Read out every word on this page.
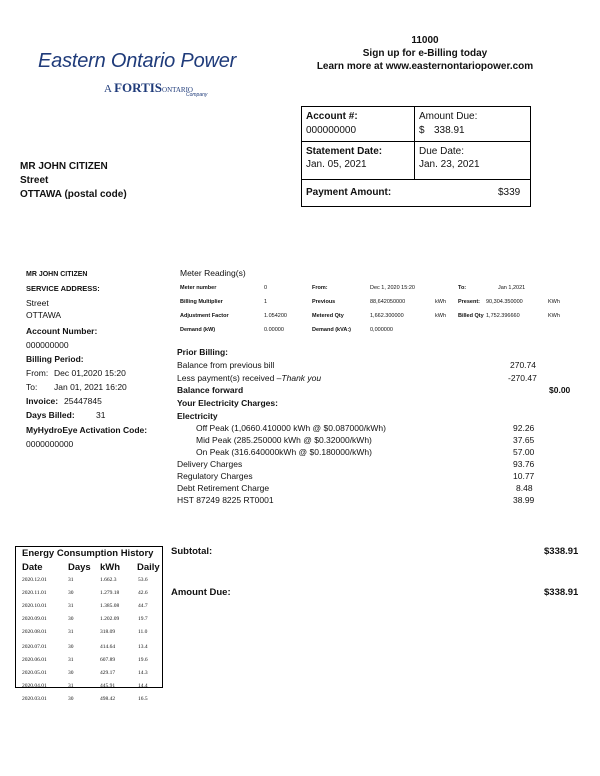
Eastern Ontario Power
A FORTISONTARIO
Company
11000
Sign up for e-Billing today
Learn more at www.easternontariopower.com
Account #:
000000000
Amount Due:
$ 338.91
Statement Date:
Jan. 05, 2021
Due Date:
Jan. 23, 2021
Payment Amount:	$339
MR JOHN CITIZEN
Street
OTTAWA (postal code)
MR JOHN CITIZEN
SERVICE ADDRESS:
Street
OTTAWA
Account Number:
000000000
Billing Period:
From: Dec 01,2020 15:20
To: Jan 01, 2021 16:20
Invoice: 25447845
Days Billed:	31
MyHydroEye Activation Code:
0000000000
Meter Reading(s)
Meter number	0	From:	Dec 1, 2020 15:20	To:	Jan 1,2021
Billing Multiplier	1	Previous	88,642050000	kWh Present: 90,304.350000	KWh
Adjustment Factor	1.054200	Metered Qty	1,662.300000	kWh Billed Qty 1,752.396660	KWh
Demand (kW)	0.00000	Demand (kVA:)	0,000000
Prior Billing:
Balance from previous bill	270.74
Less payment(s) received –Thank you	-270.47
Balance forward	$0.00
Your Electricity Charges:
Electricity
Off Peak (1,0660.410000 kWh @ $0.087000/kWh)	92.26
Mid Peak (285.250000 kWh @ $0.32000/kWh)	37.65
On Peak (316.640000kWh @ $0.180000/kWh)	57.00
Delivery Charges	93.76
Regulatory Charges	10.77
Debt Retirement Charge	8.48
HST 87249 8225 RT0001	38.99
Energy Consumption History
Date	Days kWh Daily
2020.12.01	31	1.662.3	53.6
2020.11.01	30	1.279.18	42.6
2020.10.01	31	1.385.08	44.7
2020.09.01	30	1.202.09	19.7
2020.08.01	31	318.09	11.0
2020.07.01	30	414.64	13.4
2020.06.01	31	607.89	19.6
2020.05.01	30	429.17	14.3
2020.04.01	31	445.91	14.4
2020.03.01	30	498.42	16.5
Subtotal:	$338.91
Amount Due:	$338.91
